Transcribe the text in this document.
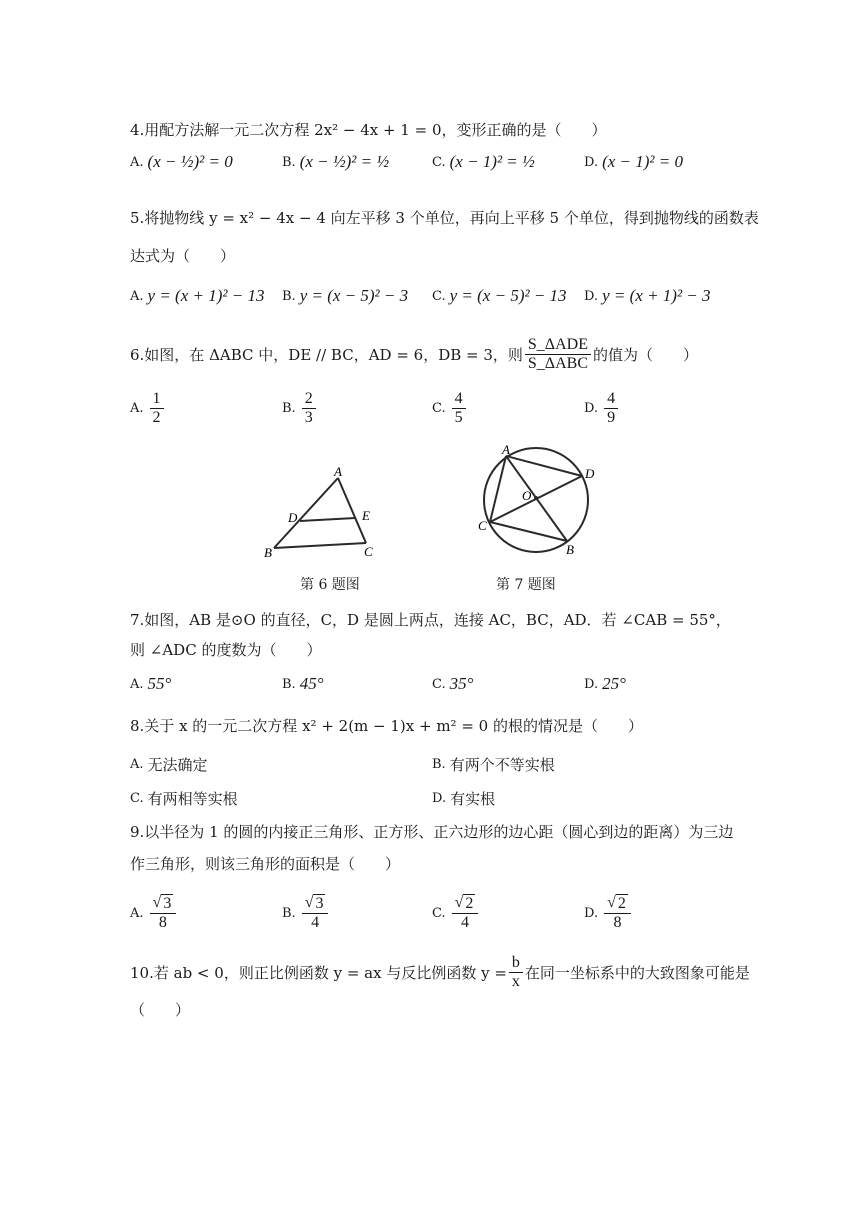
4.用配方法解一元二次方程 2x² − 4x + 1 = 0，变形正确的是（　　）
A. (x − ½)² = 0	B. (x − ½)² = ½	C. (x − 1)² = ½	D. (x − 1)² = 0
5.将抛物线 y = x² − 4x − 4 向左平移 3 个单位，再向上平移 5 个单位，得到抛物线的函数表
达式为（　　）
A. y = (x + 1)² − 13 B. y = (x − 5)² − 3 C. y = (x − 5)² − 13 D. y = (x + 1)² − 3
6.如图，在 ΔABC 中，DE // BC，AD = 6，DB = 3，则 $\frac{\text{S\_ΔADE}}{\text{S\_ΔABC}}$ 的值为（　　）
A. $\frac{1}{2}$	B. $\frac{2}{3}$	C. $\frac{4}{5}$	D. $\frac{4}{9}$
A
D	E
B	C
第 6 题图
A
D
O
C
B
第 7 题图
7.如图，AB 是⊙O 的直径，C，D 是圆上两点，连接 AC，BC，AD．若 ∠CAB = 55°，
则 ∠ADC 的度数为（　　）
A. 55°	B. 45°	C. 35°	D. 25°
8.关于 x 的一元二次方程 x² + 2(m − 1)x + m² = 0 的根的情况是（　　）
A. 无法确定	B. 有两个不等实根
C. 有两相等实根	D. 有实根
9.以半径为 1 的圆的内接正三角形、正方形、正六边形的边心距（圆心到边的距离）为三边
作三角形，则该三角形的面积是（　　）
A. $\frac{√ 3}{8}$	B. $\frac{√ 3}{4}$	C. $\frac{√ 2}{4}$	D. $\frac{√ 2}{8}$
10.若 ab < 0，则正比例函数 y = ax 与反比例函数 $y = \frac{b}{x}$ 在同一坐标系中的大致图象可能是
（　　）
